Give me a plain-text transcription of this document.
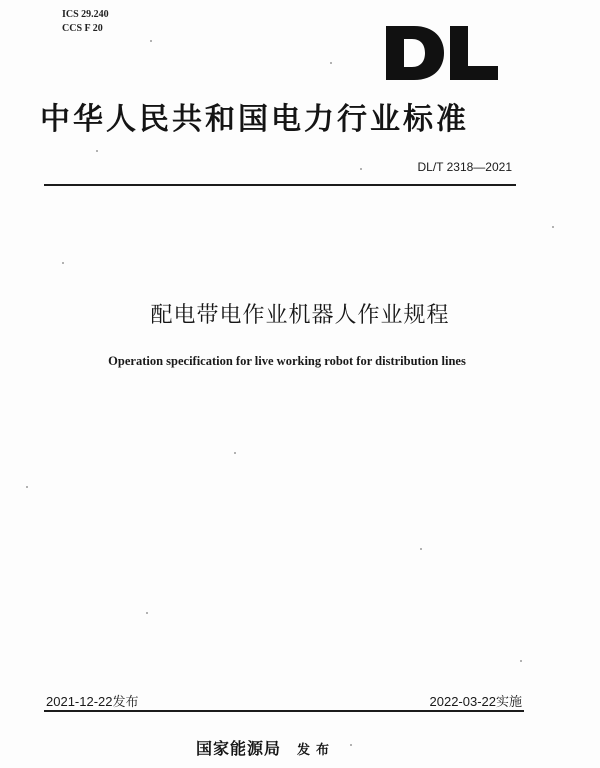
ICS 29.240
CCS F 20
中华人民共和国电力行业标准
DL/T 2318—2021
配电带电作业机器人作业规程
Operation specification for live working robot for distribution lines
2021-12-22发布	2022-03-22实施
国家能源局 发布
